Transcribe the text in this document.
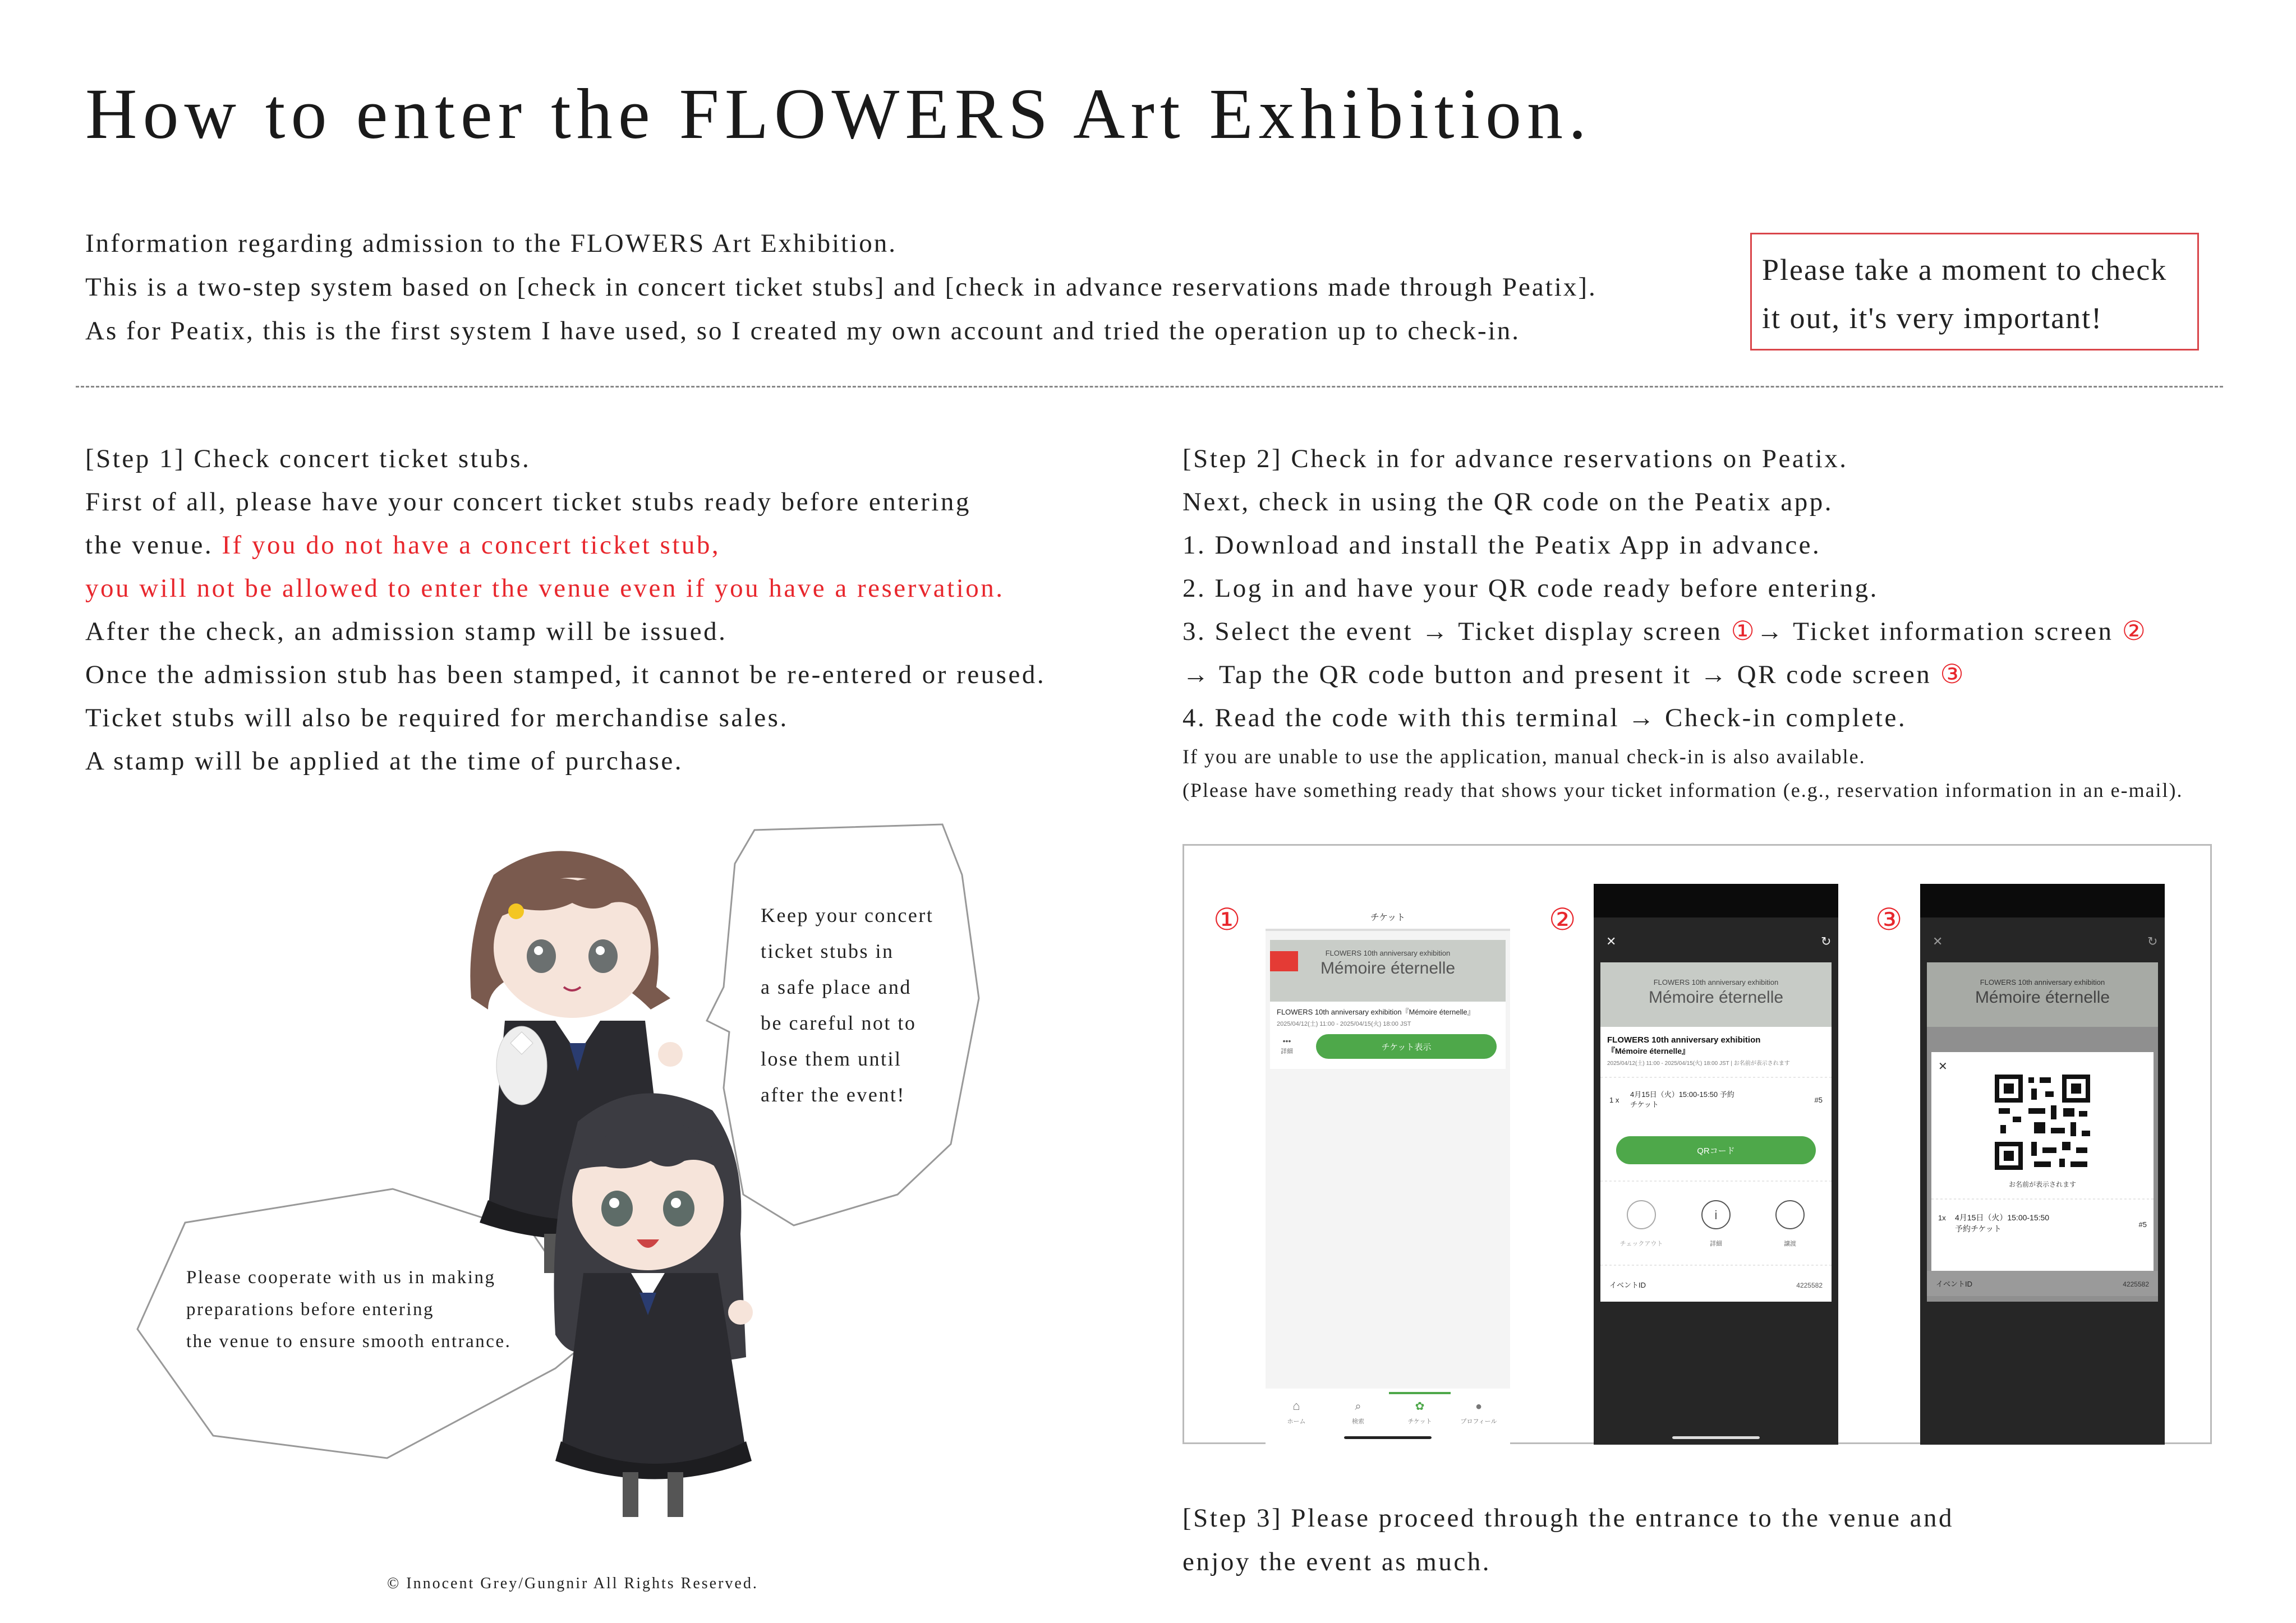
How to enter the FLOWERS Art Exhibition.
Information regarding admission to the FLOWERS Art Exhibition.
This is a two-step system based on [check in concert ticket stubs] and [check in advance reservations made through Peatix].
As for Peatix, this is the first system I have used, so I created my own account and tried the operation up to check-in.
Please take a moment to check
it out, it's very important!
[Step 1] Check concert ticket stubs.
First of all, please have your concert ticket stubs ready before entering
the venue. If you do not have a concert ticket stub,
you will not be allowed to enter the venue even if you have a reservation.
After the check, an admission stamp will be issued.
Once the admission stub has been stamped, it cannot be re-entered or reused.
Ticket stubs will also be required for merchandise sales.
A stamp will be applied at the time of purchase.
[Step 2] Check in for advance reservations on Peatix.
Next, check in using the QR code on the Peatix app.
1. Download and install the Peatix App in advance.
2. Log in and have your QR code ready before entering.
3. Select the event → Ticket display screen ①→ Ticket information screen ②
→ Tap the QR code button and present it → QR code screen ③
4. Read the code with this terminal → Check-in complete.
If you are unable to use the application, manual check-in is also available.
(Please have something ready that shows your ticket information (e.g., reservation information in an e-mail).
Keep your concert
ticket stubs in
a safe place and
be careful not to
lose them until
after the event!
Please cooperate with us in making
preparations before entering
the venue to ensure smooth entrance.
①	②	③
チケット
FLOWERS 10th anniversary exhibition
Mémoire éternelle
FLOWERS 10th anniversary exhibition『Mémoire éternelle』
2025/04/12(土) 11:00 - 2025/04/15(火) 18:00 JST
詳細
•••
チケット表示
⌂
ホーム
⌕
検索
✿
チケット
●
プロフィール
✕	↻
FLOWERS 10th anniversary exhibition
Mémoire éternelle
FLOWERS 10th anniversary exhibition
『Mémoire éternelle』
2025/04/12(土) 11:00 - 2025/04/15(火) 18:00 JST | お名前が表示されます
1 x
4月15日（火）15:00-15:50 予約
チケット
#5
QRコード
チェックアウト
i
詳細	譲渡
イベントID	4225582
✕	↻
FLOWERS 10th anniversary exhibition
Mémoire éternelle
✕
お名前が表示されます
1x 4月15日（火）15:00-15:50
予約チケット	#5
イベントID	4225582
[Step 3] Please proceed through the entrance to the venue and
enjoy the event as much.
© Innocent Grey/Gungnir All Rights Reserved.
